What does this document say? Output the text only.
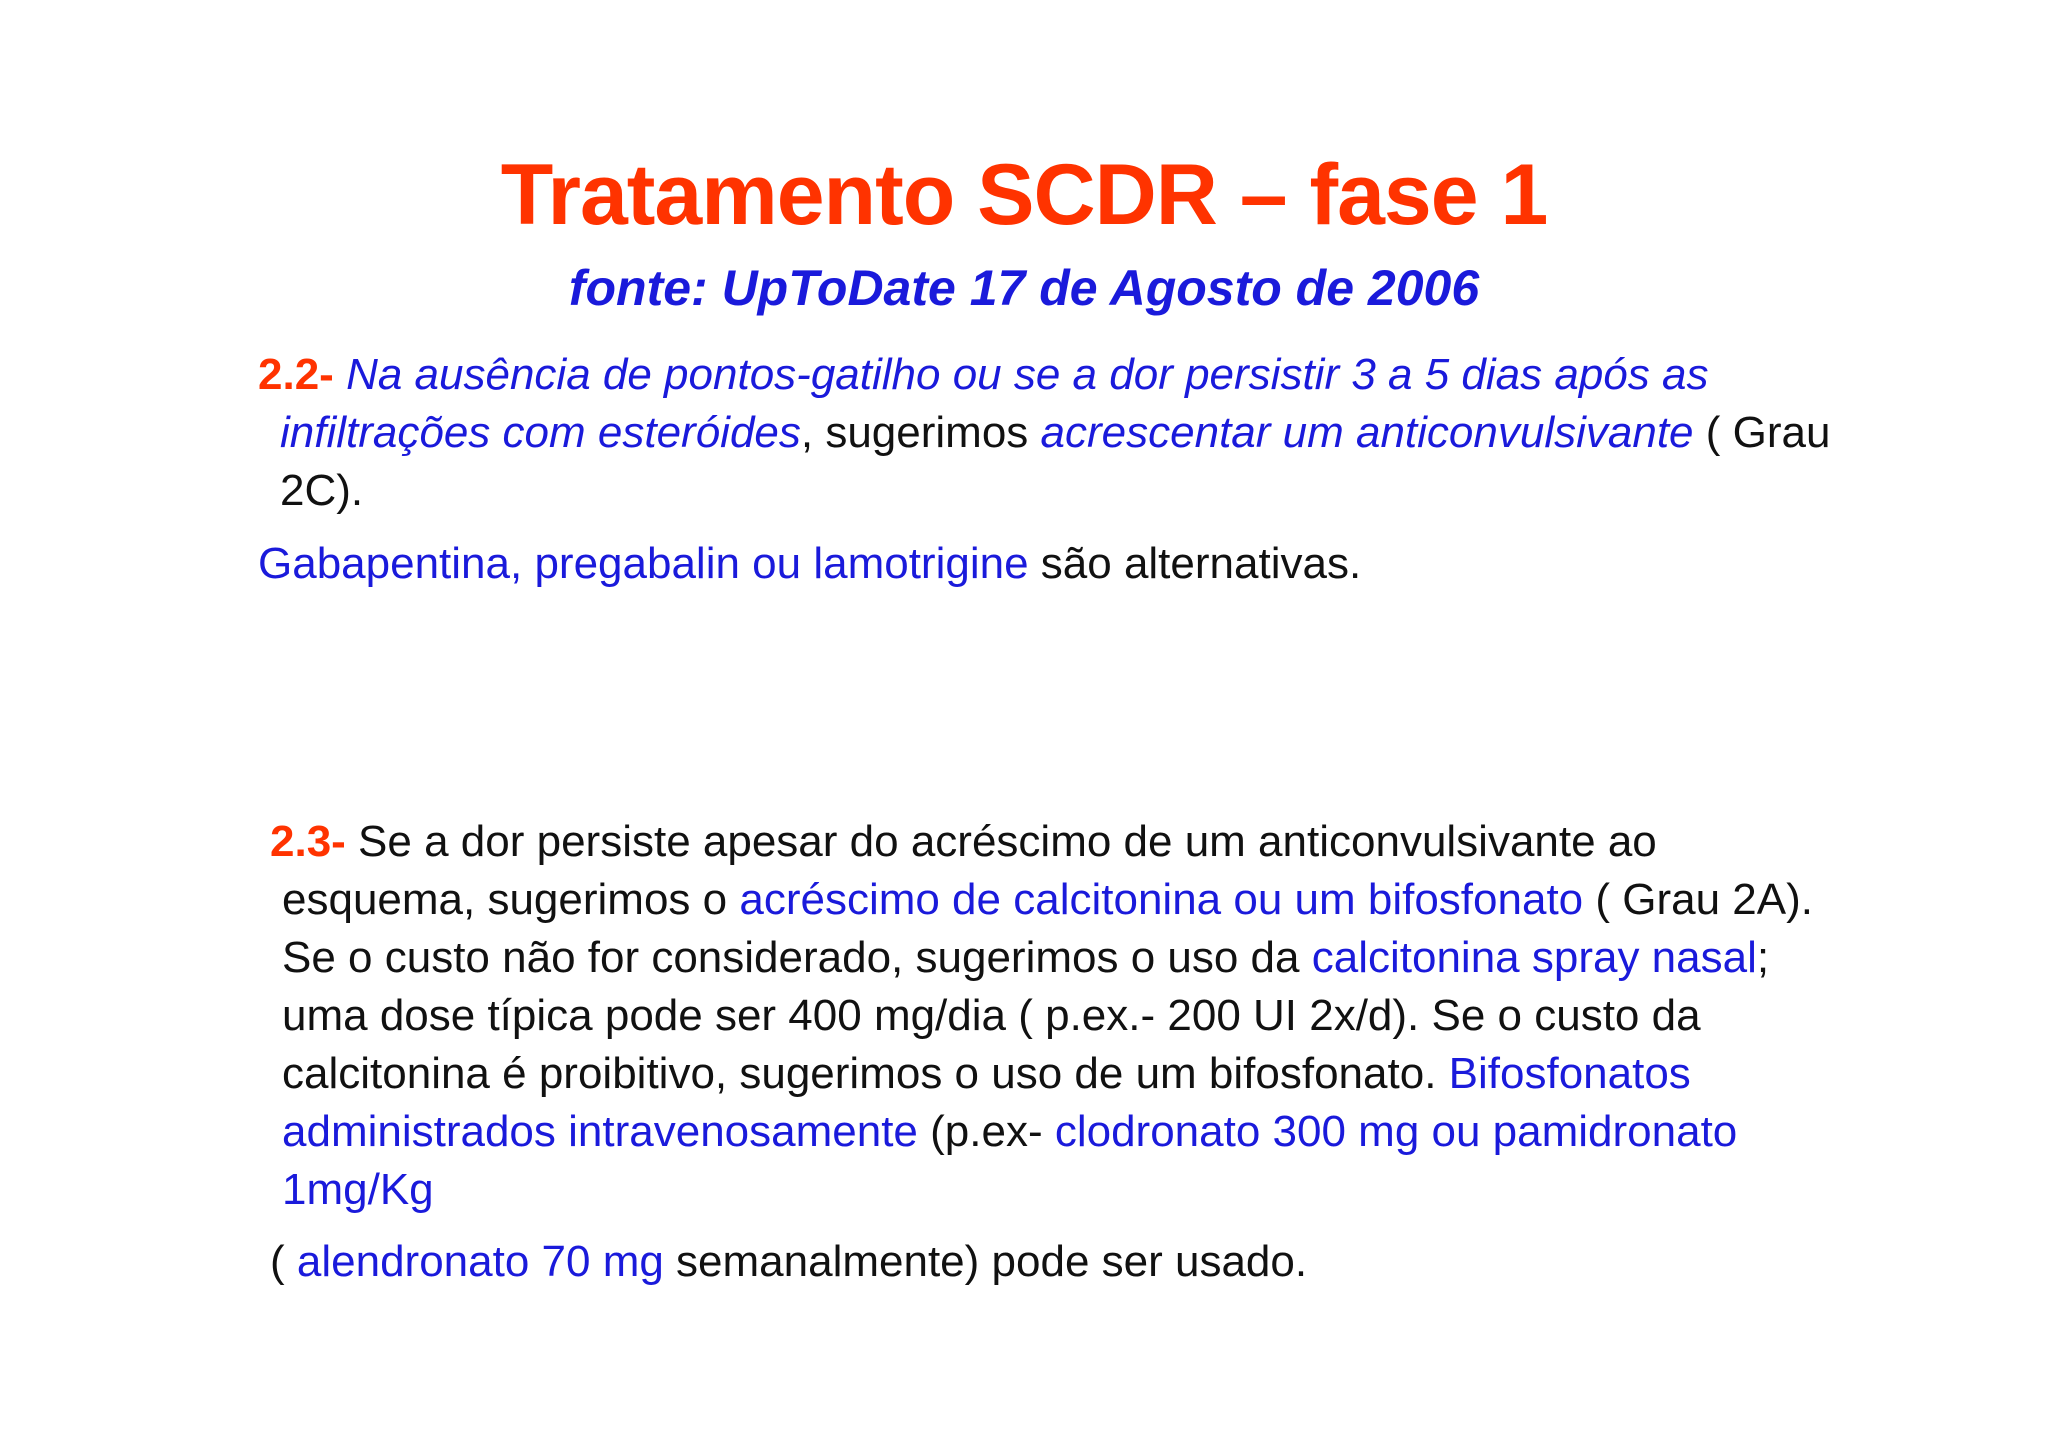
Tratamento SCDR – fase 1
fonte: UpToDate 17 de Agosto de 2006
2.2- Na ausência de pontos-gatilho ou se a dor persistir 3 a 5 dias após as
infiltrações com esteróides, sugerimos acrescentar um anticonvulsivante ( Grau
2C).
Gabapentina, pregabalin ou lamotrigine são alternativas.
2.3- Se a dor persiste apesar do acréscimo de um anticonvulsivante ao
esquema, sugerimos o acréscimo de calcitonina ou um bifosfonato ( Grau 2A).
Se o custo não for considerado, sugerimos o uso da calcitonina spray nasal;
uma dose típica pode ser 400 mg/dia ( p.ex.- 200 UI 2x/d). Se o custo da
calcitonina é proibitivo, sugerimos o uso de um bifosfonato. Bifosfonatos
administrados intravenosamente (p.ex- clodronato 300 mg ou pamidronato
1mg/Kg
( alendronato 70 mg semanalmente) pode ser usado.
